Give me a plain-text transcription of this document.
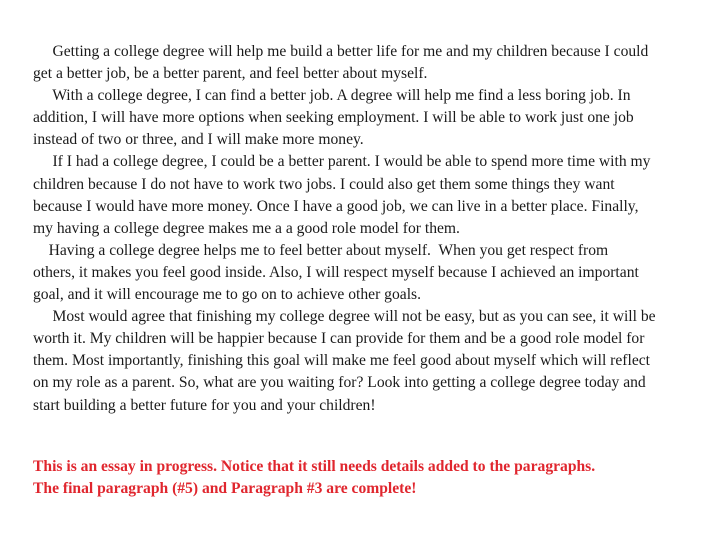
Getting a college degree will help me build a better life for me and my children because I could
get a better job, be a better parent, and feel better about myself.
With a college degree, I can find a better job. A degree will help me find a less boring job. In
addition, I will have more options when seeking employment. I will be able to work just one job
instead of two or three, and I will make more money.
If I had a college degree, I could be a better parent. I would be able to spend more time with my
children because I do not have to work two jobs. I could also get them some things they want
because I would have more money. Once I have a good job, we can live in a better place. Finally,
my having a college degree makes me a a good role model for them.
Having a college degree helps me to feel better about myself.  When you get respect from
others, it makes you feel good inside. Also, I will respect myself because I achieved an important
goal, and it will encourage me to go on to achieve other goals.
Most would agree that finishing my college degree will not be easy, but as you can see, it will be
worth it. My children will be happier because I can provide for them and be a good role model for
them. Most importantly, finishing this goal will make me feel good about myself which will reflect
on my role as a parent. So, what are you waiting for? Look into getting a college degree today and
start building a better future for you and your children!
This is an essay in progress. Notice that it still needs details added to the paragraphs.
The final paragraph (#5) and Paragraph #3 are complete!
